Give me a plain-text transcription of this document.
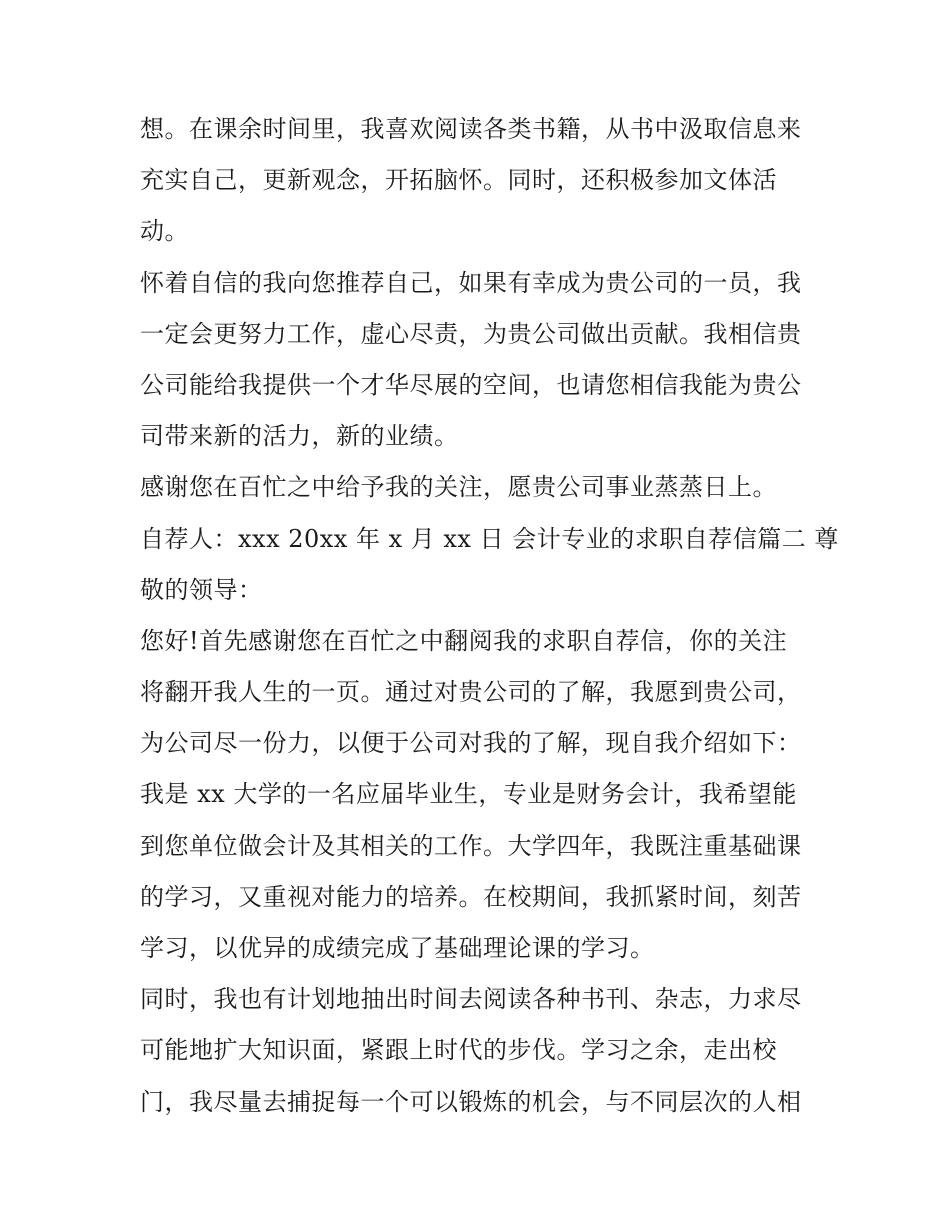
想。在课余时间里，我喜欢阅读各类书籍，从书中汲取信息来
充实自己，更新观念，开拓脑怀。同时，还积极参加文体活
动。
怀着自信的我向您推荐自己，如果有幸成为贵公司的一员，我
一定会更努力工作，虚心尽责，为贵公司做出贡献。我相信贵
公司能给我提供一个才华尽展的空间，也请您相信我能为贵公
司带来新的活力，新的业绩。
感谢您在百忙之中给予我的关注，愿贵公司事业蒸蒸日上。
自荐人：xxx 20xx 年 x 月 xx 日 会计专业的求职自荐信篇二 尊
敬的领导：
您好!首先感谢您在百忙之中翻阅我的求职自荐信，你的关注
将翻开我人生的一页。通过对贵公司的了解，我愿到贵公司，
为公司尽一份力，以便于公司对我的了解，现自我介绍如下：
我是 xx 大学的一名应届毕业生，专业是财务会计，我希望能
到您单位做会计及其相关的工作。大学四年，我既注重基础课
的学习，又重视对能力的培养。在校期间，我抓紧时间，刻苦
学习，以优异的成绩完成了基础理论课的学习。
同时，我也有计划地抽出时间去阅读各种书刊、杂志，力求尽
可能地扩大知识面，紧跟上时代的步伐。学习之余，走出校
门，我尽量去捕捉每一个可以锻炼的机会，与不同层次的人相
